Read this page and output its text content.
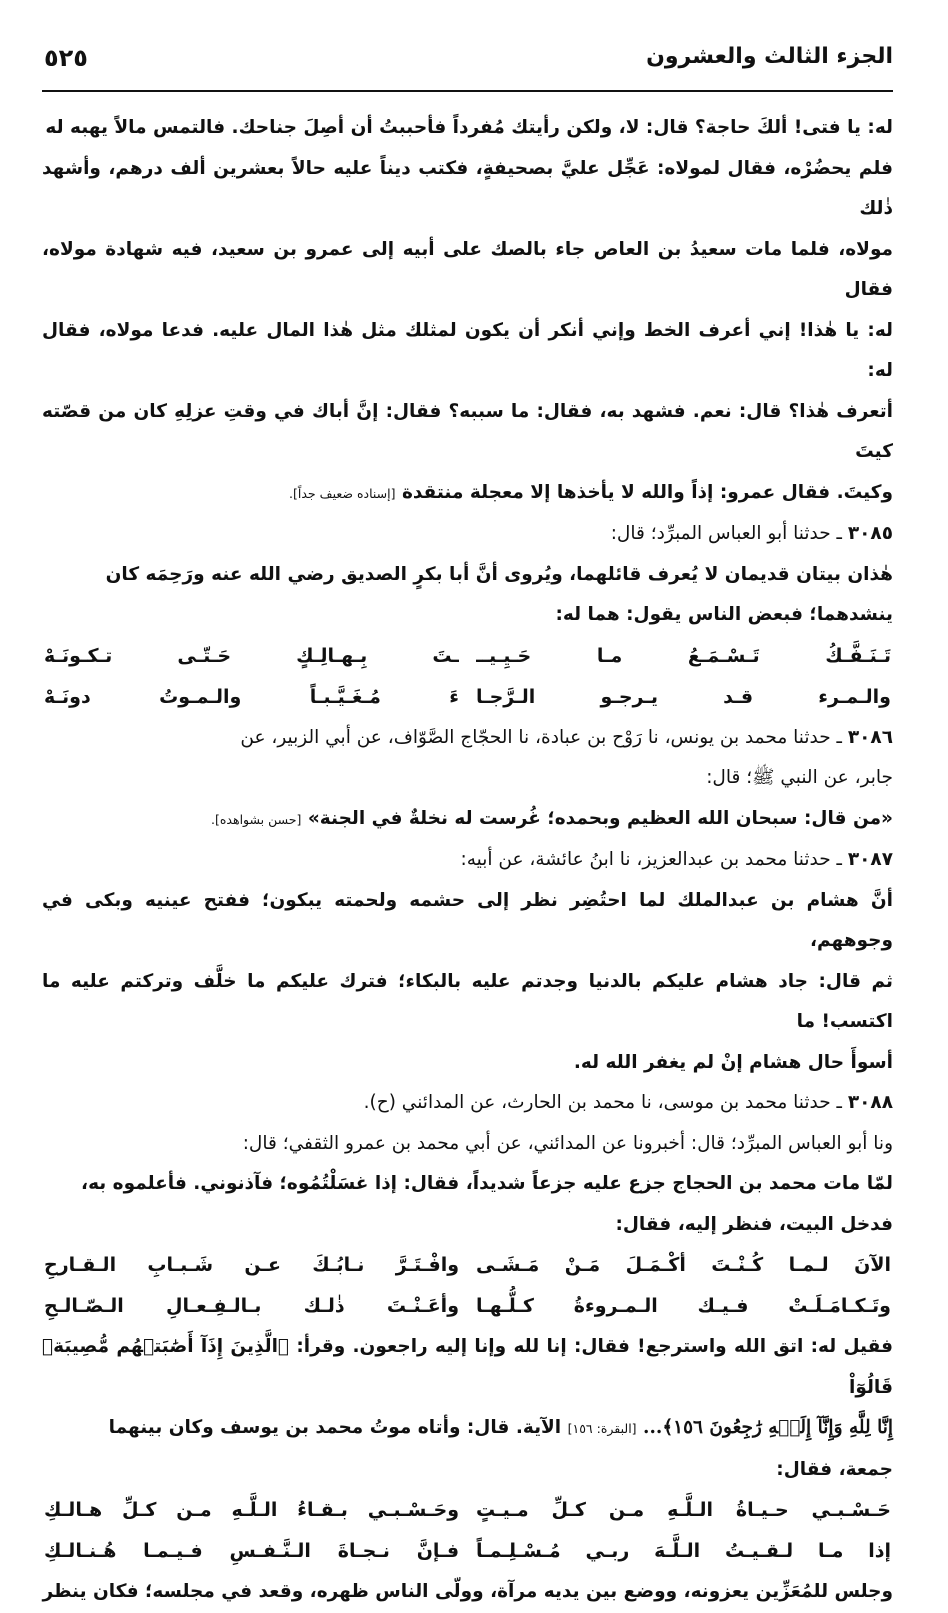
٥٢٥	الجزء الثالث والعشرون

له: يا فتى! ألكَ حاجة؟ قال: لا، ولكن رأيتك مُفرداً فأحببتُ أن أصِلَ جناحك. فالتمس مالاً يهبه له

فلم يحضُرْه، فقال لمولاه: عَجِّل عليَّ بصحيفةٍ، فكتب ديناً عليه حالاً بعشرين ألف درهم، وأشهد ذٰلك

مولاه، فلما مات سعيدُ بن العاص جاء بالصك على أبيه إلى عمرو بن سعيد، فيه شهادة مولاه، فقال

له: يا هٰذا! إني أعرف الخط وإني أنكر أن يكون لمثلك مثل هٰذا المال عليه. فدعا مولاه، فقال له:

أتعرف هٰذا؟ قال: نعم. فشهد به، فقال: ما سببه؟ فقال: إنَّ أباك في وقتِ عزلِهِ كان من قصّته كيتَ

وكيتَ. فقال عمرو: إذاً والله لا يأخذها إلا معجلة منتقدة [إسناده ضعيف جداً].

٣٠٨٥ ـ حدثنا أبو العباس المبرِّد؛ قال:

هٰذان بيتان قديمان لا يُعرف قائلهما، ويُروى أنَّ أبا بكرٍ الصديق رضي الله عنه ورَحِمَه كان

ينشدهما؛ فبعض الناس يقول: هما له:

تَـنَـفَّـكُ تَـسْـمَـعُ مـا حَـيِـيــ
ـتَ بِـهـالِـكٍ حَـتّـى تـكـونَـهْ
والـمـرء قـد يـرجـو الـرَّجـا
ءَ مُـغَـيَّـبـاً والـمـوتُ دونَـهْ

٣٠٨٦ ـ حدثنا محمد بن يونس، نا رَوْح بن عبادة، نا الحجّاج الصَّوّاف، عن أبي الزبير، عن

جابر، عن النبي ﷺ؛ قال:

«من قال: سبحان الله العظيم وبحمده؛ غُرست له نخلةٌ في الجنة» [حسن بشواهده].

٣٠٨٧ ـ حدثنا محمد بن عبدالعزيز، نا ابنُ عائشة، عن أبيه:

أنَّ هشام بن عبدالملك لما احتُضِر نظر إلى حشمه ولحمته يبكون؛ ففتح عينيه وبكى في وجوههم،

ثم قال: جاد هشام عليكم بالدنيا وجدتم عليه بالبكاء؛ فترك عليكم ما خلَّف وتركتم عليه ما اكتسب! ما

أسوأَ حال هشام إنْ لم يغفر الله له.

٣٠٨٨ ـ حدثنا محمد بن موسى، نا محمد بن الحارث، عن المدائني (ح).

ونا أبو العباس المبرِّد؛ قال: أخبرونا عن المدائني، عن أبي محمد بن عمرو الثقفي؛ قال:

لمّا مات محمد بن الحجاج جزع عليه جزعاً شديداً، فقال: إذا غسَلْتُمُوه؛ فآذنوني. فأعلموه به،

فدخل البيت، فنظر إليه، فقال:

الآنَ لـمـا كُـنْـتَ أكْـمَـلَ مَـنْ مَـشَـى
وافْـتَـرَّ نـابُـكَ عـن شَـبـابِ الـقـارحِ
وتَـكـامَـلَـتْ فـيـك الـمـروءةُ كـلُّـهـا
وأعَـنْـتَ ذٰلـك بـالـفِـعـالِ الـصّـالـحِ

فقيل له: اتق الله واسترجع! فقال: إنا لله وإنا إليه راجعون. وقرأ: ﴿الَّذِينَ إِذَآ أَصَٰبَتۡهُم مُّصِيبَةٞ قَالُوٓاْ

إِنَّا لِلَّهِ وَإِنَّآ إِلَيۡهِ رَٰجِعُونَ ١٥٦﴾... [البقرة: ١٥٦] الآية. قال: وأتاه موتُ محمد بن يوسف وكان بينهما

جمعة، فقال:

حَـسْـبـي حـيـاةُ الـلَّـهِ مـن كـلِّ مـيـتٍ
وحَـسْـبـي بـقـاءُ الـلَّـهِ مـن كـلِّ هـالـكِ
إذا مـا لـقـيـتُ الـلَّـهَ ربـي مُـسْـلِـمـاً
فـإنَّ نـجـاةَ الـنَّـفـسِ فـيـمـا هُـنـالـكِ

وجلس للمُعَزِّين يعزونه، ووضع بين يديه مرآة، وولّى الناس ظهره، وقعد في مجلسه؛ فكان ينظر
